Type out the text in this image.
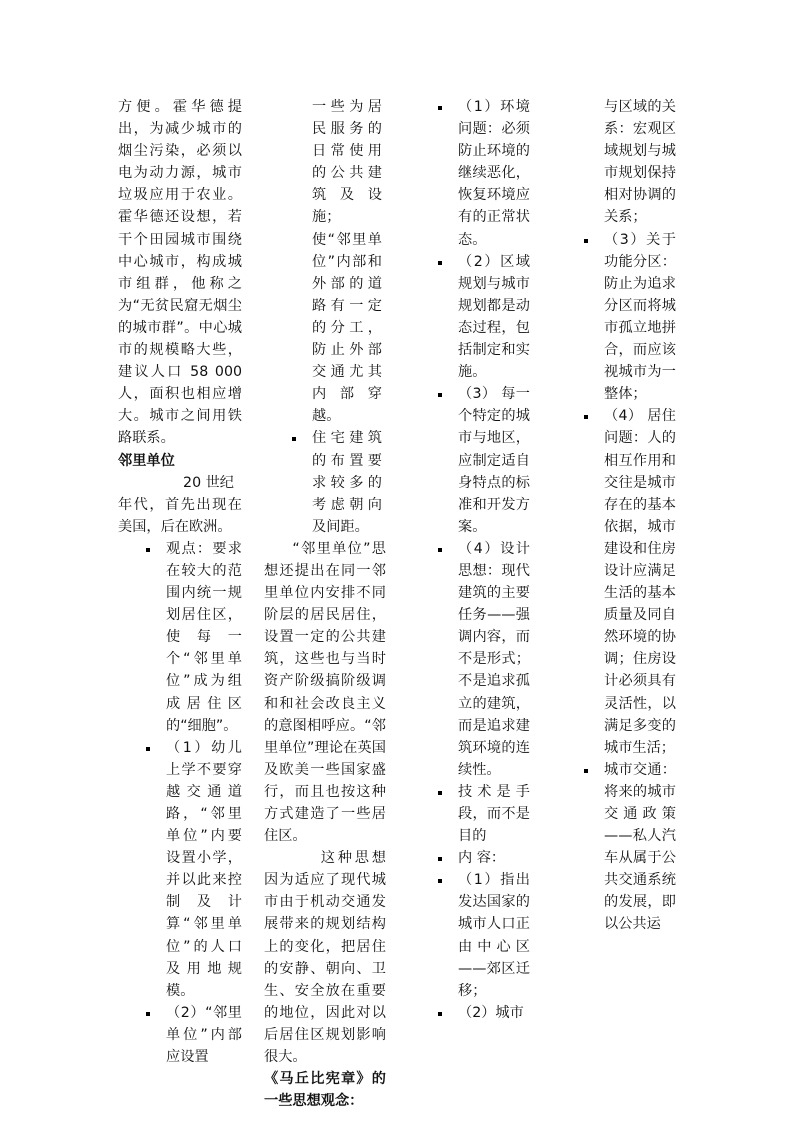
方便。霍华德提出，为减少城市的烟尘污染，必须以电为动力源，城市垃圾应用于农业。霍华德还设想，若干个田园城市围绕中心城市，构成城市组群，他称之为“无贫民窟无烟尘的城市群”。中心城市的规模略大些，建议人口 58 000 人，面积也相应增大。城市之间用铁路联系。

邻里单位

20 世纪

年代，首先出现在美国，后在欧洲。

观点：要求在较大的范围内统一规划居住区，使每一个“邻里单位”成为组成居住区的“细胞”。

（1）幼儿上学不要穿越交通道路，“邻里单位”内要设置小学，并以此来控制及计算“邻里单位”的人口及用地规模。

（2）“邻里单位”内部应设置

一些为居民服务的日常使用的公共建筑及设施；

使“邻里单位”内部和外部的道路有一定的分工，防止外部交通尤其内部穿越。

住宅建筑的布置要求较多的考虑朝向及间距。

“邻里单位”思想还提出在同一邻里单位内安排不同阶层的居民居住，设置一定的公共建筑，这些也与当时资产阶级搞阶级调和和社会改良主义的意图相呼应。“邻里单位”理论在英国及欧美一些国家盛行，而且也按这种方式建造了一些居住区。

这种思想因为适应了现代城市由于机动交通发展带来的规划结构上的变化，把居住的安静、朝向、卫生、安全放在重要的地位，因此对以后居住区规划影响很大。

《马丘比宪章》的一些思想观念：

（1）环境问题：必须防止环境的继续恶化，恢复环境应有的正常状态。

（2）区域规划与城市规划都是动态过程，包括制定和实施。

（3） 每一个特定的城市与地区，应制定适自身特点的标准和开发方案。

（4）设计思想：现代建筑的主要任务——强调内容，而不是形式；不是追求孤立的建筑，而是追求建筑环境的连续性。

技术是手段，而不是目的

内 容：

（1）指出发达国家的城市人口正由中心区——郊区迁移；

（2）城市

与区域的关系：宏观区域规划与城市规划保持相对协调的关系；

（3）关于功能分区：防止为追求分区而将城市孤立地拼合，而应该视城市为一整体；

（4） 居住问题：人的相互作用和交往是城市存在的基本依据，城市建设和住房设计应满足生活的基本质量及同自然环境的协调；住房设计必须具有灵活性，以满足多变的城市生活；

城市交通：将来的城市交通政策 ——私人汽车从属于公共交通系统的发展，即以公共运
